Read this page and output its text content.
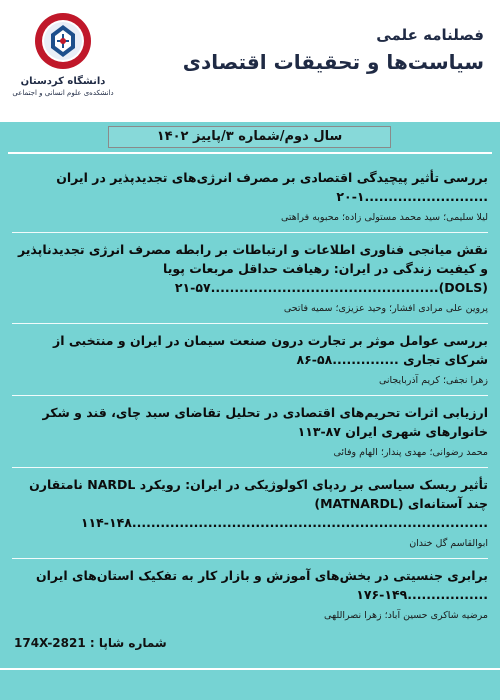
دانشگاه کردستان
دانشکده‌ی علوم انسانی و اجتماعی
فصلنامه علمی
سیاست‌ها و تحقیقات اقتصادی
سال دوم/شماره ۳/پاییز ۱۴۰۲
بررسی تأثیر پیچیدگی اقتصادی بر مصرف انرژی‌های تجدیدپذیر در ایران ..........................۱-۲۰
لیلا سلیمی؛ سید محمد مستولی زاده؛ محبوبه فراهتی
نقش میانجی فناوری اطلاعات و ارتباطات بر رابطه مصرف انرژی تجدیدناپذیر و کیفیت زندگی در ایران: رهیافت حداقل مربعات پویا (DOLS)................................................۲۱-۵۷
پروین علی مرادی افشار؛ وحید عزیزی؛ سمیه فاتحی
بررسی عوامل موثر بر تجارت درون صنعت سیمان در ایران و منتخبی از شرکای تجاری ..............۵۸-۸۶
زهرا نجفی؛ کریم آذربایجانی
ارزیابی اثرات تحریم‌های اقتصادی در تحلیل تقاضای سبد چای، قند و شکر خانوارهای شهری ایران ۸۷-۱۱۳
محمد رضوانی؛ مهدی پندار؛ الهام وفائی
تأثیر ریسک سیاسی بر ردپای اکولوژیکی در ایران: رویکرد NARDL نامتقارن چند آستانه‌ای (MATNARDL) ...........................................................................۱۱۴-۱۴۸
ابوالقاسم گل خندان
برابری جنسیتی در بخش‌های آموزش و بازار کار به تفکیک استان‌های ایران .................۱۴۹-۱۷۶
مرضیه شاکری حسین آباد؛ زهرا نصراللهی
شماره شاپا : 174X-2821
